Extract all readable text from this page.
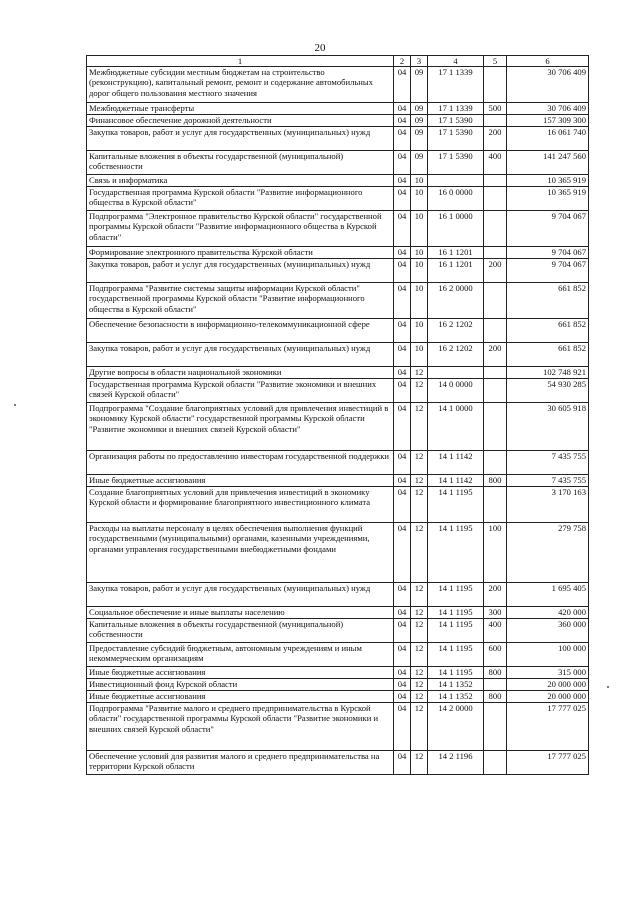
20
1	2	3	4	5	6
Межбюджетные субсидии местным бюджетам на строительство (реконструкцию), капитальный ремонт, ремонт и содержание автомобильных дорог общего пользования местного значения	04	09	17 1 1339		30 706 409
Межбюджетные трансферты	04	09	17 1 1339	500	30 706 409
Финансовое обеспечение дорожной деятельности	04	09	17 1 5390		157 309 300
Закупка товаров, работ и услуг для государственных (муниципальных) нужд	04	09	17 1 5390	200	16 061 740
Капитальные вложения в объекты государственной (муниципальной) собственности	04	09	17 1 5390	400	141 247 560
Связь и информатика	04	10			10 365 919
Государственная программа Курской области "Развитие информационного общества в Курской области"	04	10	16 0 0000		10 365 919
Подпрограмма "Электронное правительство Курской области" государственной программы Курской области "Развитие информационного общества в Курской области"	04	10	16 1 0000		9 704 067
Формирование электронного правительства Курской области	04	10	16 1 1201		9 704 067
Закупка товаров, работ и услуг для государственных (муниципальных) нужд	04	10	16 1 1201	200	9 704 067
Подпрограмма "Развитие системы защиты информации Курской области" государственной программы Курской области "Развитие информационного общества в Курской области"	04	10	16 2 0000		661 852
Обеспечение безопасности в информационно-телекоммуникационной сфере	04	10	16 2 1202		661 852
Закупка товаров, работ и услуг для государственных (муниципальных) нужд	04	10	16 2 1202	200	661 852
Другие вопросы в области национальной экономики	04	12			102 748 921
Государственная программа Курской области "Развитие экономики и внешних связей Курской области"	04	12	14 0 0000		54 930 285
Подпрограмма "Создание благоприятных условий для привлечения инвестиций в экономику Курской области" государственной программы Курской области "Развитие экономики и внешних связей Курской области"	04	12	14 1 0000		30 605 918
Организация работы по предоставлению инвесторам государственной поддержки	04	12	14 1 1142		7 435 755
Иные бюджетные ассигнования	04	12	14 1 1142	800	7 435 755
Создание благоприятных условий для привлечения инвестиций в экономику Курской области и формирование благоприятного инвестиционного климата	04	12	14 1 1195		3 170 163
Расходы на выплаты персоналу в целях обеспечения выполнения функций государственными (муниципальными) органами, казенными учреждениями, органами управления государственными внебюджетными фондами	04	12	14 1 1195	100	279 758
Закупка товаров, работ и услуг для государственных (муниципальных) нужд	04	12	14 1 1195	200	1 695 405
Социальное обеспечение и иные выплаты населению	04	12	14 1 1195	300	420 000
Капитальные вложения в объекты государственной (муниципальной) собственности	04	12	14 1 1195	400	360 000
Предоставление субсидий бюджетным, автономным учреждениям и иным некоммерческим организациям	04	12	14 1 1195	600	100 000
Иные бюджетные ассигнования	04	12	14 1 1195	800	315 000
Инвестиционный фонд Курской области	04	12	14 1 1352		20 000 000
Иные бюджетные ассигнования	04	12	14 1 1352	800	20 000 000
Подпрограмма "Развитие малого и среднего предпринимательства в Курской области" государственной программы Курской области "Развитие экономики и внешних связей Курской области"	04	12	14 2 0000		17 777 025
Обеспечение условий для развития малого и среднего предпринимательства на территории Курской области	04	12	14 2 1196		17 777 025
